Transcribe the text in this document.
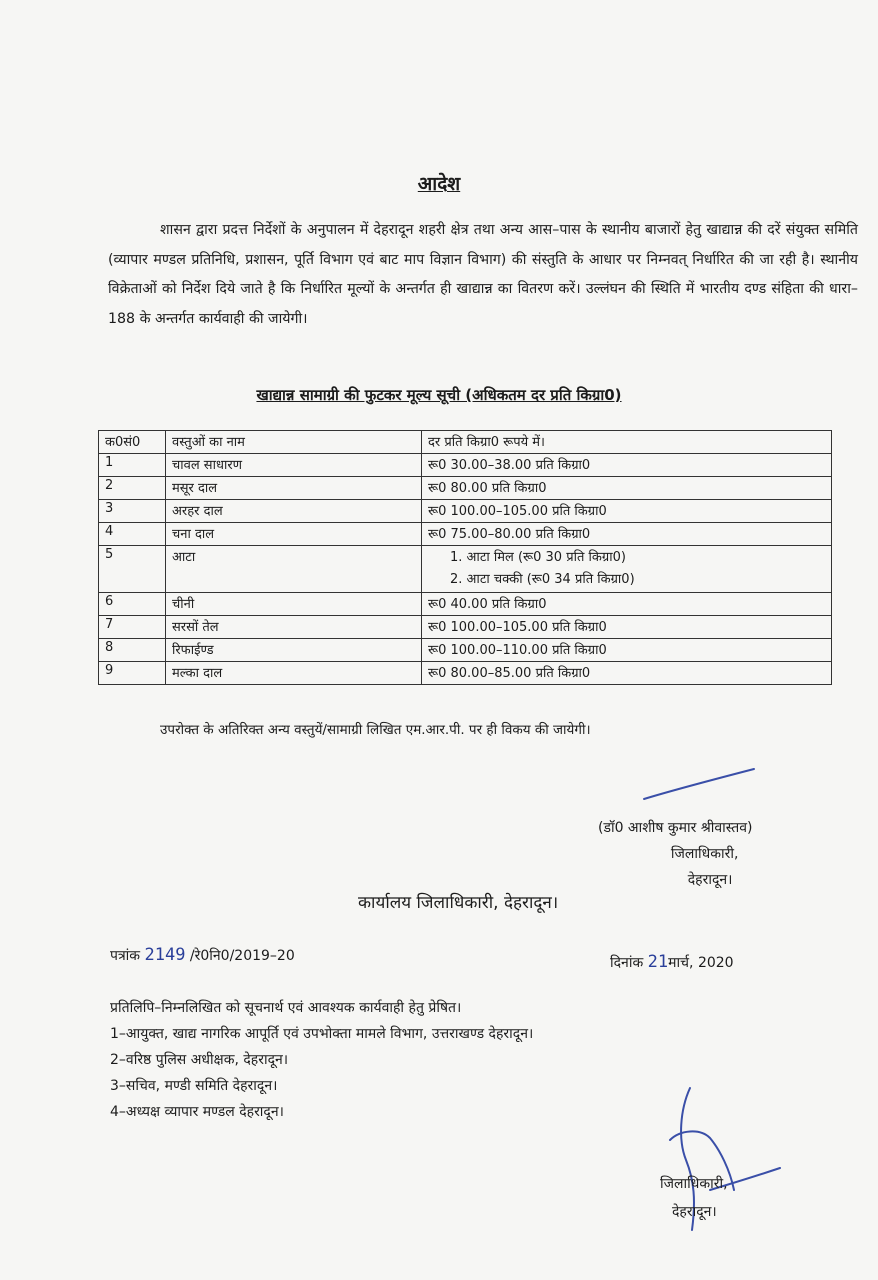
आदेश
शासन द्वारा प्रदत्त निर्देशों के अनुपालन में देहरादून शहरी क्षेत्र तथा अन्य आस–पास के स्थानीय बाजारों हेतु खाद्यान्न की दरें संयुक्त समिति (व्यापार मण्डल प्रतिनिधि, प्रशासन, पूर्ति विभाग एवं बाट माप विज्ञान विभाग) की संस्तुति के आधार पर निम्नवत् निर्धारित की जा रही है। स्थानीय विक्रेताओं को निर्देश दिये जाते है कि निर्धारित मूल्यों के अन्तर्गत ही खाद्यान्न का वितरण करें। उल्लंघन की स्थिति में भारतीय दण्ड संहिता की धारा–188 के अन्तर्गत कार्यवाही की जायेगी।
खाद्यान्न सामाग्री की फुटकर मूल्य सूची (अधिकतम दर प्रति किग्रा0)
क0सं0	वस्तुओं का नाम	दर प्रति किग्रा0 रूपये में।
1	चावल साधारण	रू0 30.00–38.00 प्रति किग्रा0
2	मसूर दाल	रू0 80.00 प्रति किग्रा0
3	अरहर दाल	रू0 100.00–105.00 प्रति किग्रा0
4	चना दाल	रू0 75.00–80.00 प्रति किग्रा0
5	आटा	1. आटा मिल (रू0 30 प्रति किग्रा0)
2. आटा चक्की (रू0 34 प्रति किग्रा0)

6	चीनी	रू0 40.00 प्रति किग्रा0
7	सरसों तेल	रू0 100.00–105.00 प्रति किग्रा0
8	रिफाईण्ड	रू0 100.00–110.00 प्रति किग्रा0
9	मल्का दाल	रू0 80.00–85.00 प्रति किग्रा0
उपरोक्त के अतिरिक्त अन्य वस्तुयें/सामाग्री लिखित एम.आर.पी. पर ही विकय की जायेगी।
(डॉ0 आशीष कुमार श्रीवास्तव)
जिलाधिकारी,
देहरादून।
कार्यालय जिलाधिकारी, देहरादून।
पत्रांक 2149 /रे0नि0/2019–20	दिनांक 21मार्च, 2020
प्रतिलिपि–निम्नलिखित को सूचनार्थ एवं आवश्यक कार्यवाही हेतु प्रेषित।
1–आयुक्त, खाद्य नागरिक आपूर्ति एवं उपभोक्ता मामले विभाग, उत्तराखण्ड देहरादून।
2–वरिष्ठ पुलिस अधीक्षक, देहरादून।
3–सचिव, मण्डी समिति देहरादून।
4–अध्यक्ष व्यापार मण्डल देहरादून।
जिलाधिकारी,
देहरादून।
